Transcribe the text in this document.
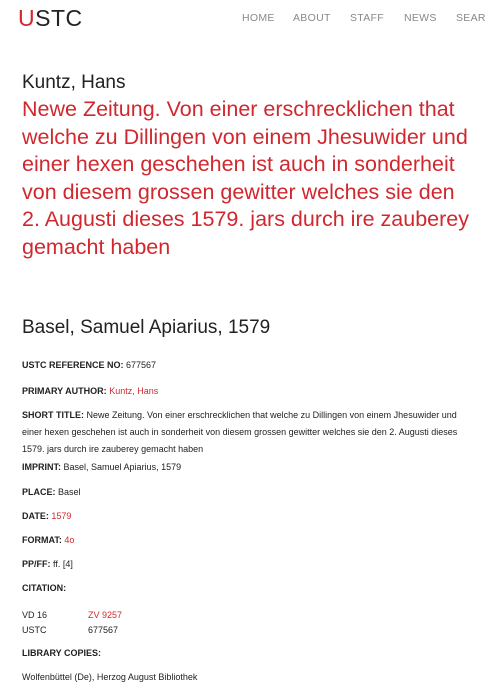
USTC	HOME ABOUT STAFF NEWS SEAR
Kuntz, Hans
Newe Zeitung. Von einer erschrecklichen that welche zu Dillingen von einem Jhesuwider und einer hexen geschehen ist auch in sonderheit von diesem grossen gewitter welches sie den 2. Augusti dieses 1579. jars durch ire zauberey gemacht haben
Basel, Samuel Apiarius, 1579
USTC REFERENCE NO: 677567
PRIMARY AUTHOR: Kuntz, Hans
SHORT TITLE: Newe Zeitung. Von einer erschrecklichen that welche zu Dillingen von einem Jhesuwider und einer hexen geschehen ist auch in sonderheit von diesem grossen gewitter welches sie den 2. Augusti dieses 1579. jars durch ire zauberey gemacht haben
IMPRINT: Basel, Samuel Apiarius, 1579
PLACE: Basel
DATE: 1579
FORMAT: 4o
PP/FF: ff. [4]
CITATION:
VD 16	ZV 9257
USTC	677567
LIBRARY COPIES:
Wolfenbüttel (De), Herzog August Bibliothek
